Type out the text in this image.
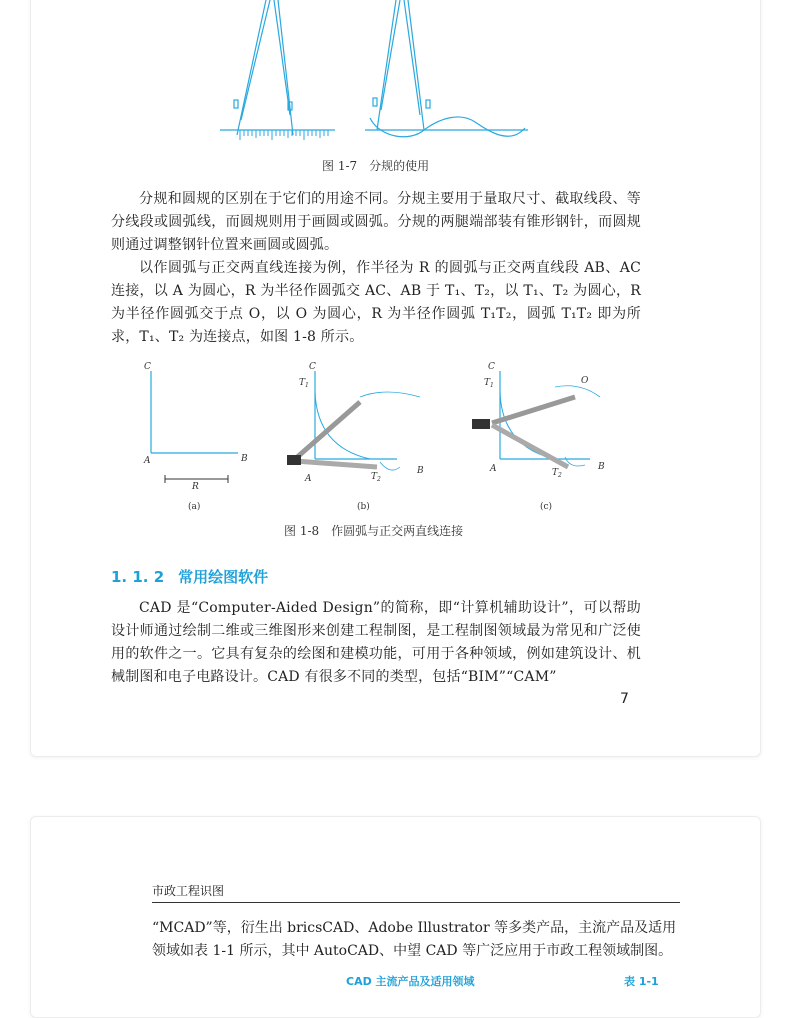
图 1-7　分规的使用

分规和圆规的区别在于它们的用途不同。分规主要用于量取尺寸、截取线段、等分线段或圆弧线，而圆规则用于画圆或圆弧。分规的两腿端部装有锥形钢针，而圆规则通过调整钢针位置来画圆或圆弧。

以作圆弧与正交两直线连接为例，作半径为 R 的圆弧与正交两直线段 AB、AC 连接，以 A 为圆心，R 为半径作圆弧交 AC、AB 于 T₁、T₂，以 T₁、T₂ 为圆心，R 为半径作圆弧交于点 O，以 O 为圆心，R 为半径作圆弧 T₁T₂，圆弧 T₁T₂ 即为所求，T₁、T₂ 为连接点，如图 1-8 所示。

C
A	B
R
(a)
C
$T_1$
A	$T_2$
B
(b)
C
$T_1$	O
A	$T_2$
B
(c)
图 1-8　作圆弧与正交两直线连接
1. 1. 2 常用绘图软件

CAD 是“Computer-Aided Design”的简称，即“计算机辅助设计”，可以帮助设计师通过绘制二维或三维图形来创建工程制图，是工程制图领域最为常见和广泛使用的软件之一。它具有复杂的绘图和建模功能，可用于各种领域，例如建筑设计、机械制图和电子电路设计。CAD 有很多不同的类型，包括“BIM”“CAM”

7
市政工程识图

“MCAD”等，衍生出 bricsCAD、Adobe Illustrator 等多类产品，主流产品及适用领域如表 1-1 所示，其中 AutoCAD、中望 CAD 等广泛应用于市政工程领域制图。

CAD 主流产品及适用领域	表 1-1
